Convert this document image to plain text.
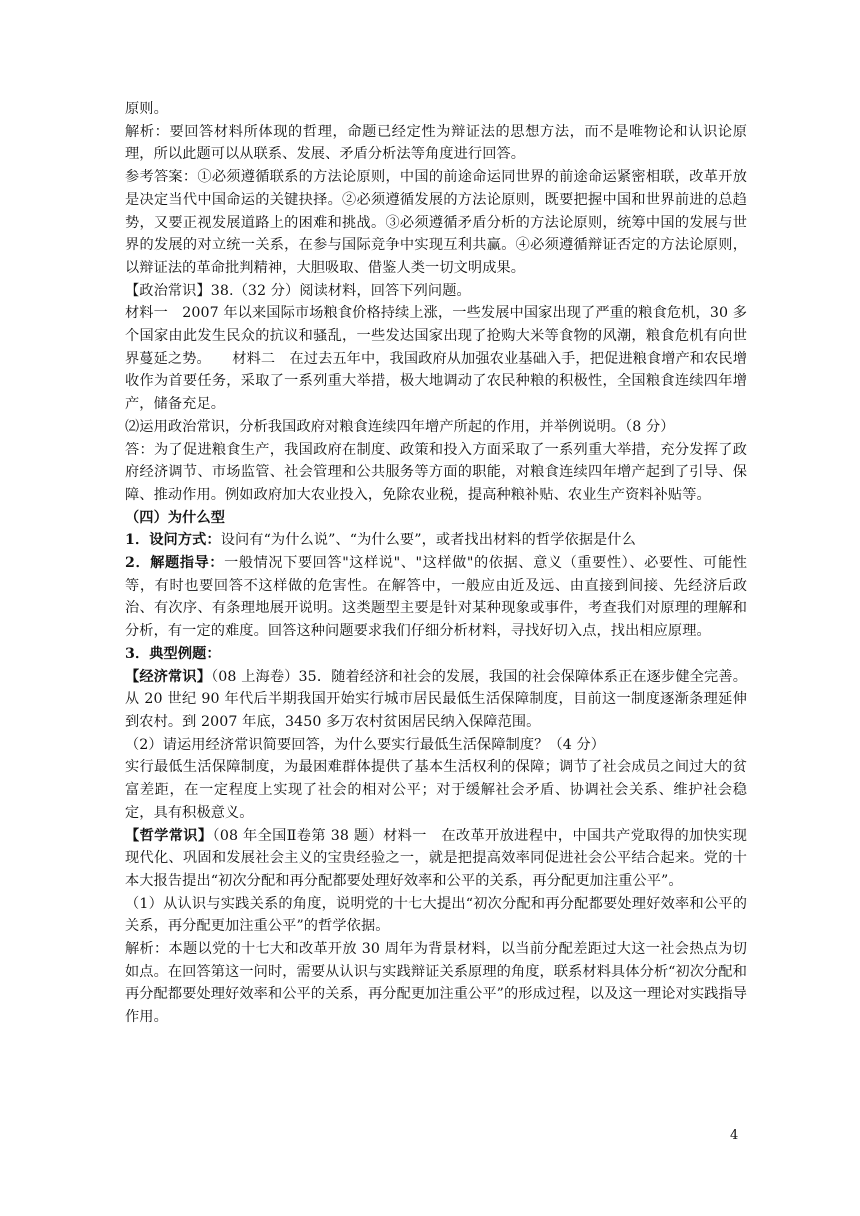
原则。

解析：要回答材料所体现的哲理，命题已经定性为辩证法的思想方法，而不是唯物论和认识论原理，所以此题可以从联系、发展、矛盾分析法等角度进行回答。

参考答案：①必须遵循联系的方法论原则，中国的前途命运同世界的前途命运紧密相联，改革开放是决定当代中国命运的关键抉择。②必须遵循发展的方法论原则，既要把握中国和世界前进的总趋势，又要正视发展道路上的困难和挑战。③必须遵循矛盾分析的方法论原则，统筹中国的发展与世界的发展的对立统一关系，在参与国际竞争中实现互利共赢。④必须遵循辩证否定的方法论原则，以辩证法的革命批判精神，大胆吸取、借鉴人类一切文明成果。

【政治常识】38.（32 分）阅读材料，回答下列问题。

材料一　2007 年以来国际市场粮食价格持续上涨，一些发展中国家出现了严重的粮食危机，30 多个国家由此发生民众的抗议和骚乱，一些发达国家出现了抢购大米等食物的风潮，粮食危机有向世界蔓延之势。　　材料二　在过去五年中，我国政府从加强农业基础入手，把促进粮食增产和农民增收作为首要任务，采取了一系列重大举措，极大地调动了农民种粮的积极性，全国粮食连续四年增产，储备充足。

⑵运用政治常识，分析我国政府对粮食连续四年增产所起的作用，并举例说明。（8 分）

答：为了促进粮食生产，我国政府在制度、政策和投入方面采取了一系列重大举措，充分发挥了政府经济调节、市场监管、社会管理和公共服务等方面的职能，对粮食连续四年增产起到了引导、保障、推动作用。例如政府加大农业投入，免除农业税，提高种粮补贴、农业生产资料补贴等。

（四）为什么型

1．设问方式：设问有“为什么说”、“为什么要”，或者找出材料的哲学依据是什么

2．解题指导：一般情况下要回答"这样说"、"这样做"的依据、意义（重要性）、必要性、可能性等，有时也要回答不这样做的危害性。在解答中，一般应由近及远、由直接到间接、先经济后政治、有次序、有条理地展开说明。这类题型主要是针对某种现象或事件，考查我们对原理的理解和分析，有一定的难度。回答这种问题要求我们仔细分析材料，寻找好切入点，找出相应原理。

3．典型例题：

【经济常识】（08 上海卷）35．随着经济和社会的发展，我国的社会保障体系正在逐步健全完善。从 20 世纪 90 年代后半期我国开始实行城市居民最低生活保障制度，目前这一制度逐渐条理延伸到农村。到 2007 年底，3450 多万农村贫困居民纳入保障范围。

（2）请运用经济常识简要回答，为什么要实行最低生活保障制度？（4 分）

实行最低生活保障制度，为最困难群体提供了基本生活权利的保障；调节了社会成员之间过大的贫富差距，在一定程度上实现了社会的相对公平；对于缓解社会矛盾、协调社会关系、维护社会稳定，具有积极意义。

【哲学常识】（08 年全国Ⅱ卷第 38 题）材料一　在改革开放进程中，中国共产党取得的加快实现现代化、巩固和发展社会主义的宝贵经验之一，就是把提高效率同促进社会公平结合起来。党的十本大报告提出“初次分配和再分配都要处理好效率和公平的关系，再分配更加注重公平”。

（1）从认识与实践关系的角度，说明党的十七大提出“初次分配和再分配都要处理好效率和公平的关系，再分配更加注重公平”的哲学依据。

解析：本题以党的十七大和改革开放 30 周年为背景材料，以当前分配差距过大这一社会热点为切如点。在回答第这一问时，需要从认识与实践辩证关系原理的角度，联系材料具体分析“初次分配和再分配都要处理好效率和公平的关系，再分配更加注重公平”的形成过程，以及这一理论对实践指导作用。

4
